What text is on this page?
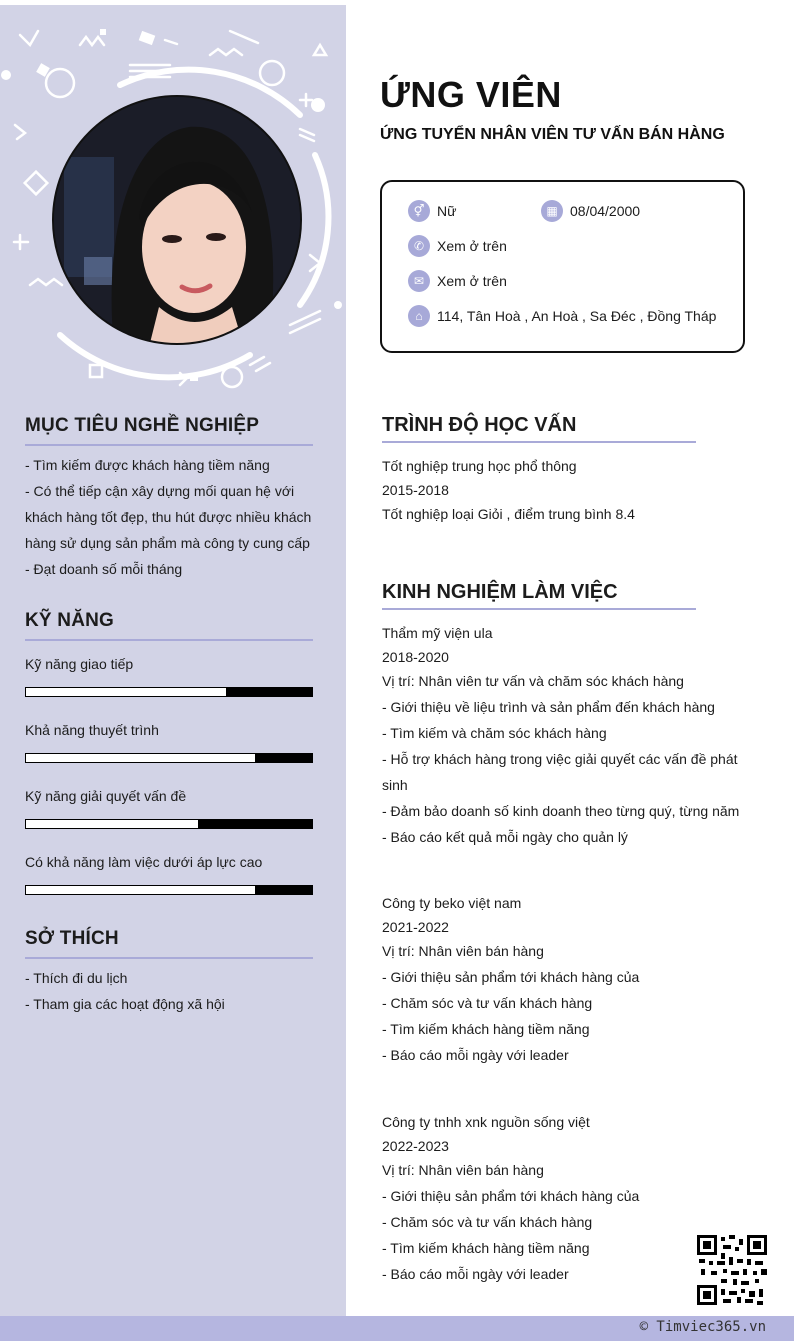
MỤC TIÊU NGHỀ NGHIỆP
- Tìm kiếm được khách hàng tiềm năng
- Có thể tiếp cận xây dựng mối quan hệ với
khách hàng tốt đẹp, thu hút được nhiều khách
hàng sử dụng sản phẩm mà công ty cung cấp
- Đạt doanh số mỗi tháng
KỸ NĂNG
Kỹ năng giao tiếp
Khả năng thuyết trình
Kỹ năng giải quyết vấn đề
Có khả năng làm việc dưới áp lực cao
SỞ THÍCH
- Thích đi du lịch
- Tham gia các hoạt động xã hội
ỨNG VIÊN
ỨNG TUYỂN NHÂN VIÊN TƯ VẤN BÁN HÀNG
⚥ Nữ	▦ 08/04/2000
✆ Xem ở trên
✉ Xem ở trên
⌂	114, Tân Hoà , An Hoà , Sa Đéc , Đồng Tháp
TRÌNH ĐỘ HỌC VẤN
Tốt nghiệp trung học phổ thông
2015-2018
Tốt nghiệp loại Giỏi , điểm trung bình 8.4
KINH NGHIỆM LÀM VIỆC
Thẩm mỹ viện ula
2018-2020
Vị trí: Nhân viên tư vấn và chăm sóc khách hàng
- Giới thiệu về liệu trình và sản phẩm đến khách hàng
- Tìm kiếm và chăm sóc khách hàng
- Hỗ trợ khách hàng trong việc giải quyết các vấn đề phát
sinh
- Đảm bảo doanh số kinh doanh theo từng quý, từng năm
- Báo cáo kết quả mỗi ngày cho quản lý
Công ty beko việt nam
2021-2022
Vị trí: Nhân viên bán hàng
- Giới thiệu sản phẩm tới khách hàng của
- Chăm sóc và tư vấn khách hàng
- Tìm kiếm khách hàng tiềm năng
- Báo cáo mỗi ngày với leader
Công ty tnhh xnk nguồn sống việt
2022-2023
Vị trí: Nhân viên bán hàng
- Giới thiệu sản phẩm tới khách hàng của
- Chăm sóc và tư vấn khách hàng
- Tìm kiếm khách hàng tiềm năng
- Báo cáo mỗi ngày với leader
© Timviec365.vn
